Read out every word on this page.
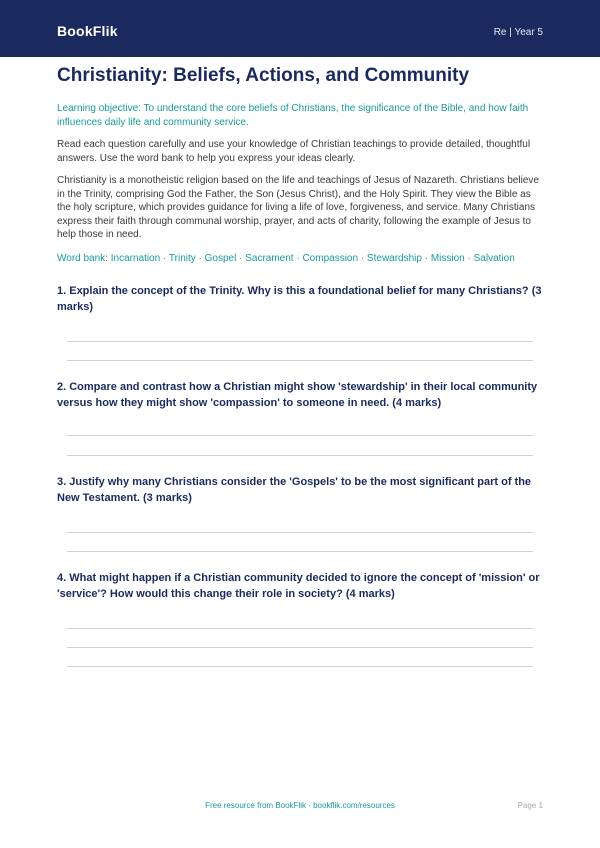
BookFlik	Re | Year 5
Christianity: Beliefs, Actions, and Community

Learning objective: To understand the core beliefs of Christians, the significance of the Bible, and how faith influences daily life and community service.

Read each question carefully and use your knowledge of Christian teachings to provide detailed, thoughtful answers. Use the word bank to help you express your ideas clearly.

Christianity is a monotheistic religion based on the life and teachings of Jesus of Nazareth. Christians believe in the Trinity, comprising God the Father, the Son (Jesus Christ), and the Holy Spirit. They view the Bible as the holy scripture, which provides guidance for living a life of love, forgiveness, and service. Many Christians express their faith through communal worship, prayer, and acts of charity, following the example of Jesus to help those in need.

Word bank: Incarnation · Trinity · Gospel · Sacrament · Compassion · Stewardship · Mission · Salvation

1. Explain the concept of the Trinity. Why is this a foundational belief for many Christians? (3 marks)
2. Compare and contrast how a Christian might show 'stewardship' in their local community versus how they might show 'compassion' to someone in need. (4 marks)
3. Justify why many Christians consider the 'Gospels' to be the most significant part of the New Testament. (3 marks)
4. What might happen if a Christian community decided to ignore the concept of 'mission' or 'service'? How would this change their role in society? (4 marks)
Free resource from BookFlik · bookflik.com/resources	Page 1
